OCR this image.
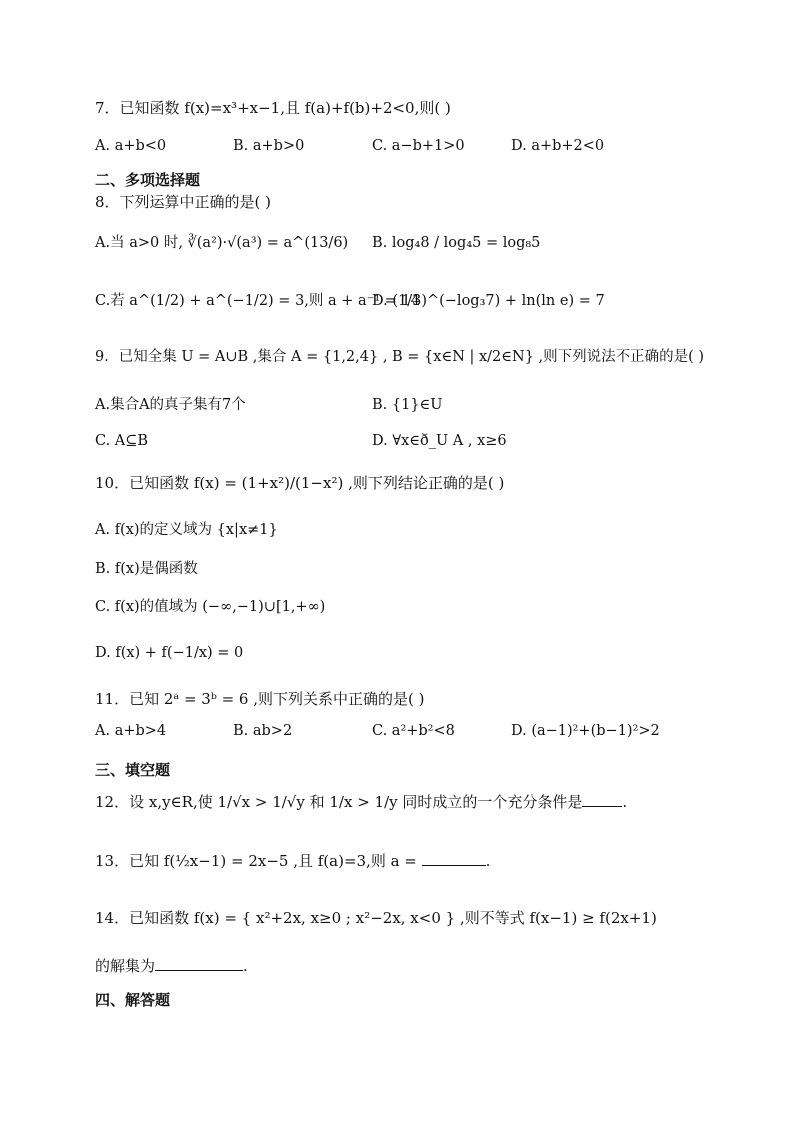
7．已知函数 f(x)=x³+x−1,且 f(a)+f(b)+2<0,则( )
A. a+b<0	B. a+b>0	C. a−b+1>0	D. a+b+2<0
二、多项选择题
8．下列运算中正确的是( )
A.当 a>0 时, ∛(a²)·√(a³) = a^(13/6) B. log₄8 / log₄5 = log₈5
C.若 a^(1/2) + a^(−1/2) = 3,则 a + a⁻¹ = 14
D. (1/3)^(−log₃7) + ln(ln e) = 7
9．已知全集 U = A∪B ,集合 A = {1,2,4} , B = {x∈N | x/2∈N} ,则下列说法不正确的是( )
A.集合A的真子集有7个	B. {1}∈U
C. A⊆B	D. ∀x∈ð_U A , x≥6
10．已知函数 f(x) = (1+x²)/(1−x²) ,则下列结论正确的是( )
A. f(x)的定义域为 {x|x≠1}
B. f(x)是偶函数
C. f(x)的值域为 (−∞,−1)∪[1,+∞)
D. f(x) + f(−1/x) = 0
11．已知 2ᵃ = 3ᵇ = 6 ,则下列关系中正确的是( )
A. a+b>4	B. ab>2	C. a²+b²<8	D. (a−1)²+(b−1)²>2
三、填空题
12．设 x,y∈R,使 1/√x > 1/√y 和 1/x > 1/y 同时成立的一个充分条件是	.
13．已知 f(½x−1) = 2x−5 ,且 f(a)=3,则 a =	.
14．已知函数 f(x) = { x²+2x, x≥0 ; x²−2x, x<0 } ,则不等式 f(x−1) ≥ f(2x+1)
的解集为	.
四、解答题
